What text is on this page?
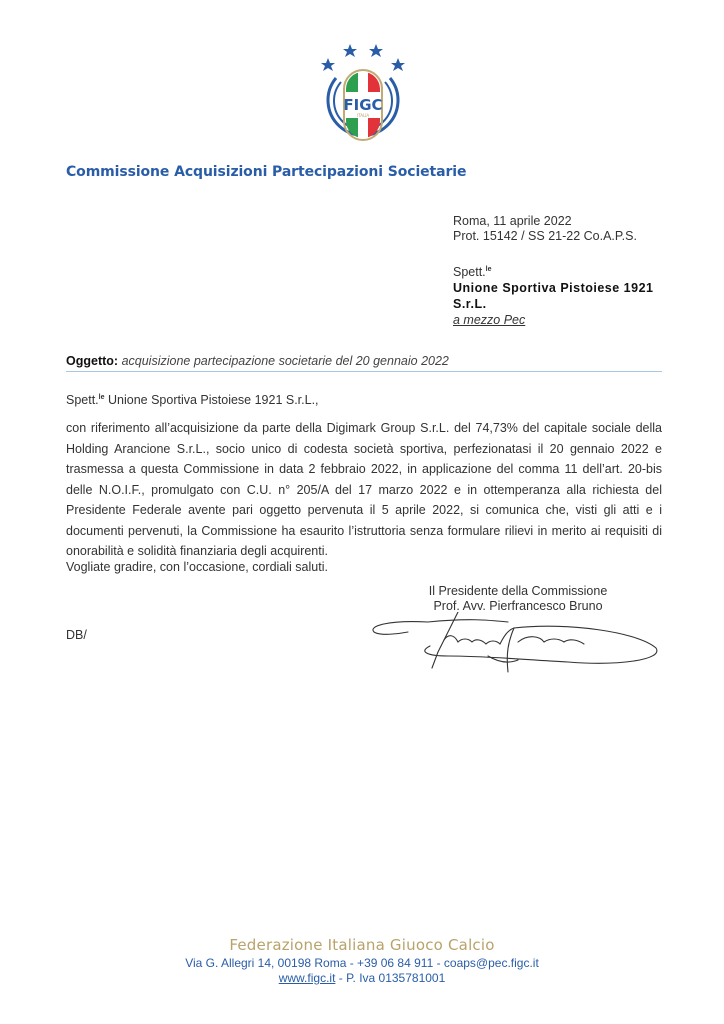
FIGC
ITALIA
Commissione Acquisizioni Partecipazioni Societarie
Roma, 11 aprile 2022
Prot. 15142 / SS 21-22 Co.A.P.S.
Spett.$^{le}$
Unione Sportiva Pistoiese 1921
S.r.L.
a mezzo Pec
Oggetto: acquisizione partecipazione societarie del 20 gennaio 2022
Spett.$^{le}$ Unione Sportiva Pistoiese 1921 S.r.L.,
con riferimento all’acquisizione da parte della Digimark Group S.r.L. del 74,73% del capitale sociale della Holding Arancione S.r.L., socio unico di codesta società sportiva, perfezionatasi il 20 gennaio 2022 e trasmessa a questa Commissione in data 2 febbraio 2022, in applicazione del comma 11 dell’art. 20-bis delle N.O.I.F., promulgato con C.U. n° 205/A del 17 marzo 2022 e in ottemperanza alla richiesta del Presidente Federale avente pari oggetto pervenuta il 5 aprile 2022, si comunica che, visti gli atti e i documenti pervenuti, la Commissione ha esaurito l’istruttoria senza formulare rilievi in merito ai requisiti di onorabilità e solidità finanziaria degli acquirenti.
Vogliate gradire, con l’occasione, cordiali saluti.
Il Presidente della Commissione
Prof. Avv. Pierfrancesco Bruno
DB/
Federazione Italiana Giuoco Calcio
Via G. Allegri 14, 00198 Roma - +39 06 84 911 - coaps@pec.figc.it
www.figc.it - P. Iva 0135781001
